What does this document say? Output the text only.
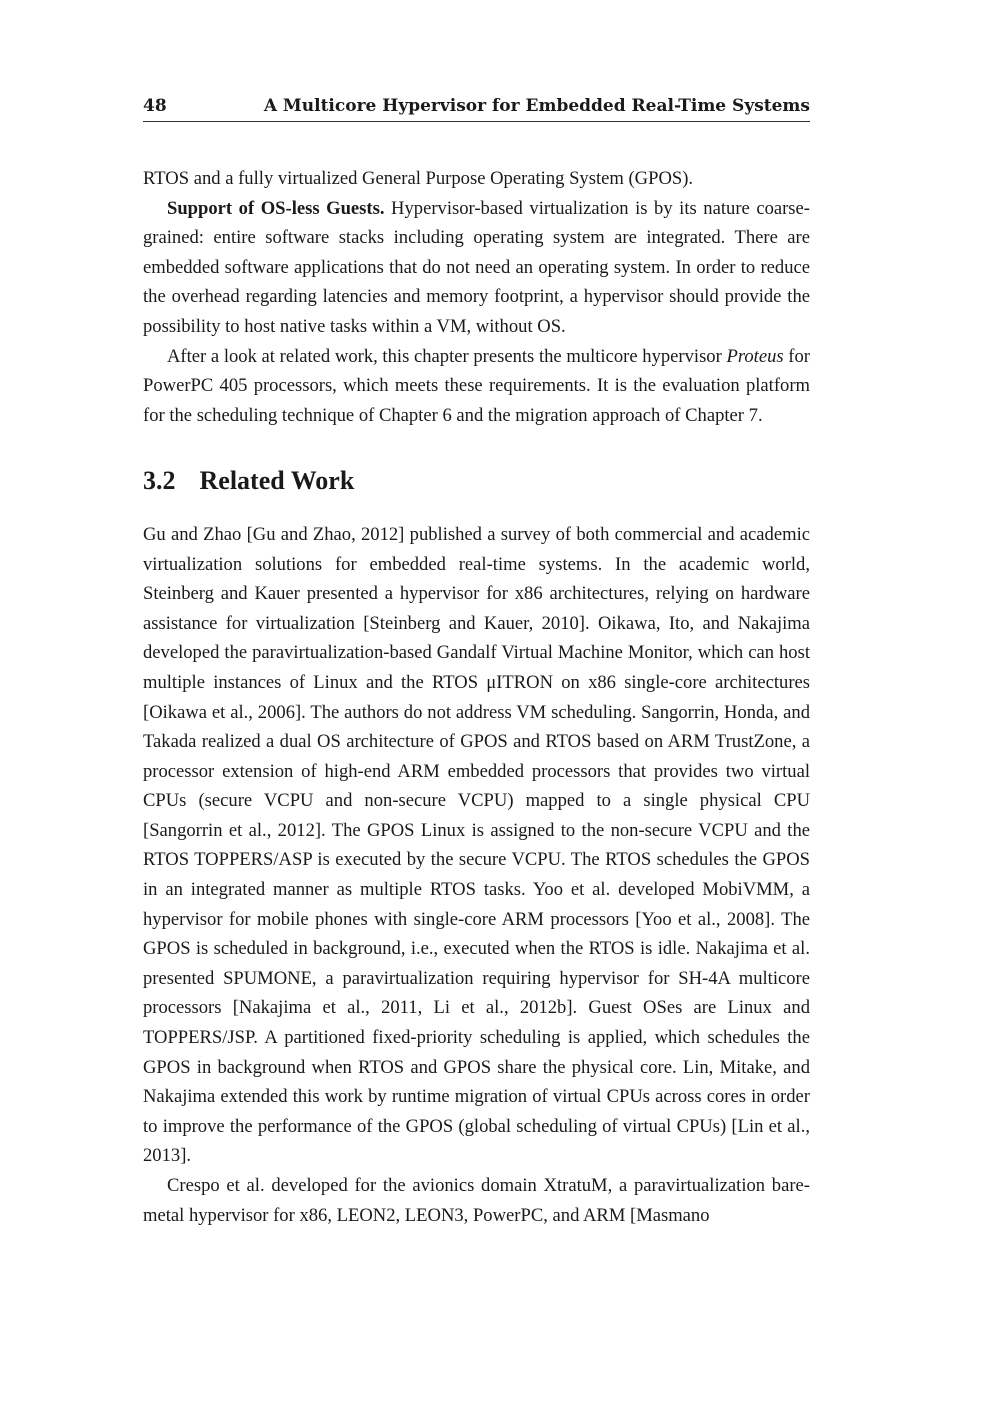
48	A Multicore Hypervisor for Embedded Real-Time Systems

RTOS and a fully virtualized General Purpose Operating System (GPOS).

Support of OS-less Guests. Hypervisor-based virtualization is by its nature coarse-grained: entire software stacks including operating system are integrated. There are embedded software applications that do not need an operating system. In order to reduce the overhead regarding latencies and memory footprint, a hypervisor should provide the possibility to host native tasks within a VM, without OS.

After a look at related work, this chapter presents the multicore hypervisor Proteus for PowerPC 405 processors, which meets these requirements. It is the evaluation platform for the scheduling technique of Chapter 6 and the migration approach of Chapter 7.

3.2 Related Work

Gu and Zhao [Gu and Zhao, 2012] published a survey of both commercial and academic virtualization solutions for embedded real-time systems. In the academic world, Steinberg and Kauer presented a hypervisor for x86 architectures, relying on hardware assistance for virtualization [Steinberg and Kauer, 2010]. Oikawa, Ito, and Nakajima developed the paravirtualization-based Gandalf Virtual Machine Monitor, which can host multiple instances of Linux and the RTOS μITRON on x86 single-core architectures [Oikawa et al., 2006]. The authors do not address VM scheduling. Sangorrin, Honda, and Takada realized a dual OS architecture of GPOS and RTOS based on ARM TrustZone, a processor extension of high-end ARM embedded processors that provides two virtual CPUs (secure VCPU and non-secure VCPU) mapped to a single physical CPU [Sangorrin et al., 2012]. The GPOS Linux is assigned to the non-secure VCPU and the RTOS TOPPERS/ASP is executed by the secure VCPU. The RTOS schedules the GPOS in an integrated manner as multiple RTOS tasks. Yoo et al. developed MobiVMM, a hypervisor for mobile phones with single-core ARM processors [Yoo et al., 2008]. The GPOS is scheduled in background, i.e., executed when the RTOS is idle. Nakajima et al. presented SPUMONE, a paravirtualization requiring hypervisor for SH-4A multicore processors [Nakajima et al., 2011, Li et al., 2012b]. Guest OSes are Linux and TOPPERS/JSP. A partitioned fixed-priority scheduling is applied, which schedules the GPOS in background when RTOS and GPOS share the physical core. Lin, Mitake, and Nakajima extended this work by runtime migration of virtual CPUs across cores in order to improve the performance of the GPOS (global scheduling of virtual CPUs) [Lin et al., 2013].

Crespo et al. developed for the avionics domain XtratuM, a paravirtualization bare-metal hypervisor for x86, LEON2, LEON3, PowerPC, and ARM [Masmano
